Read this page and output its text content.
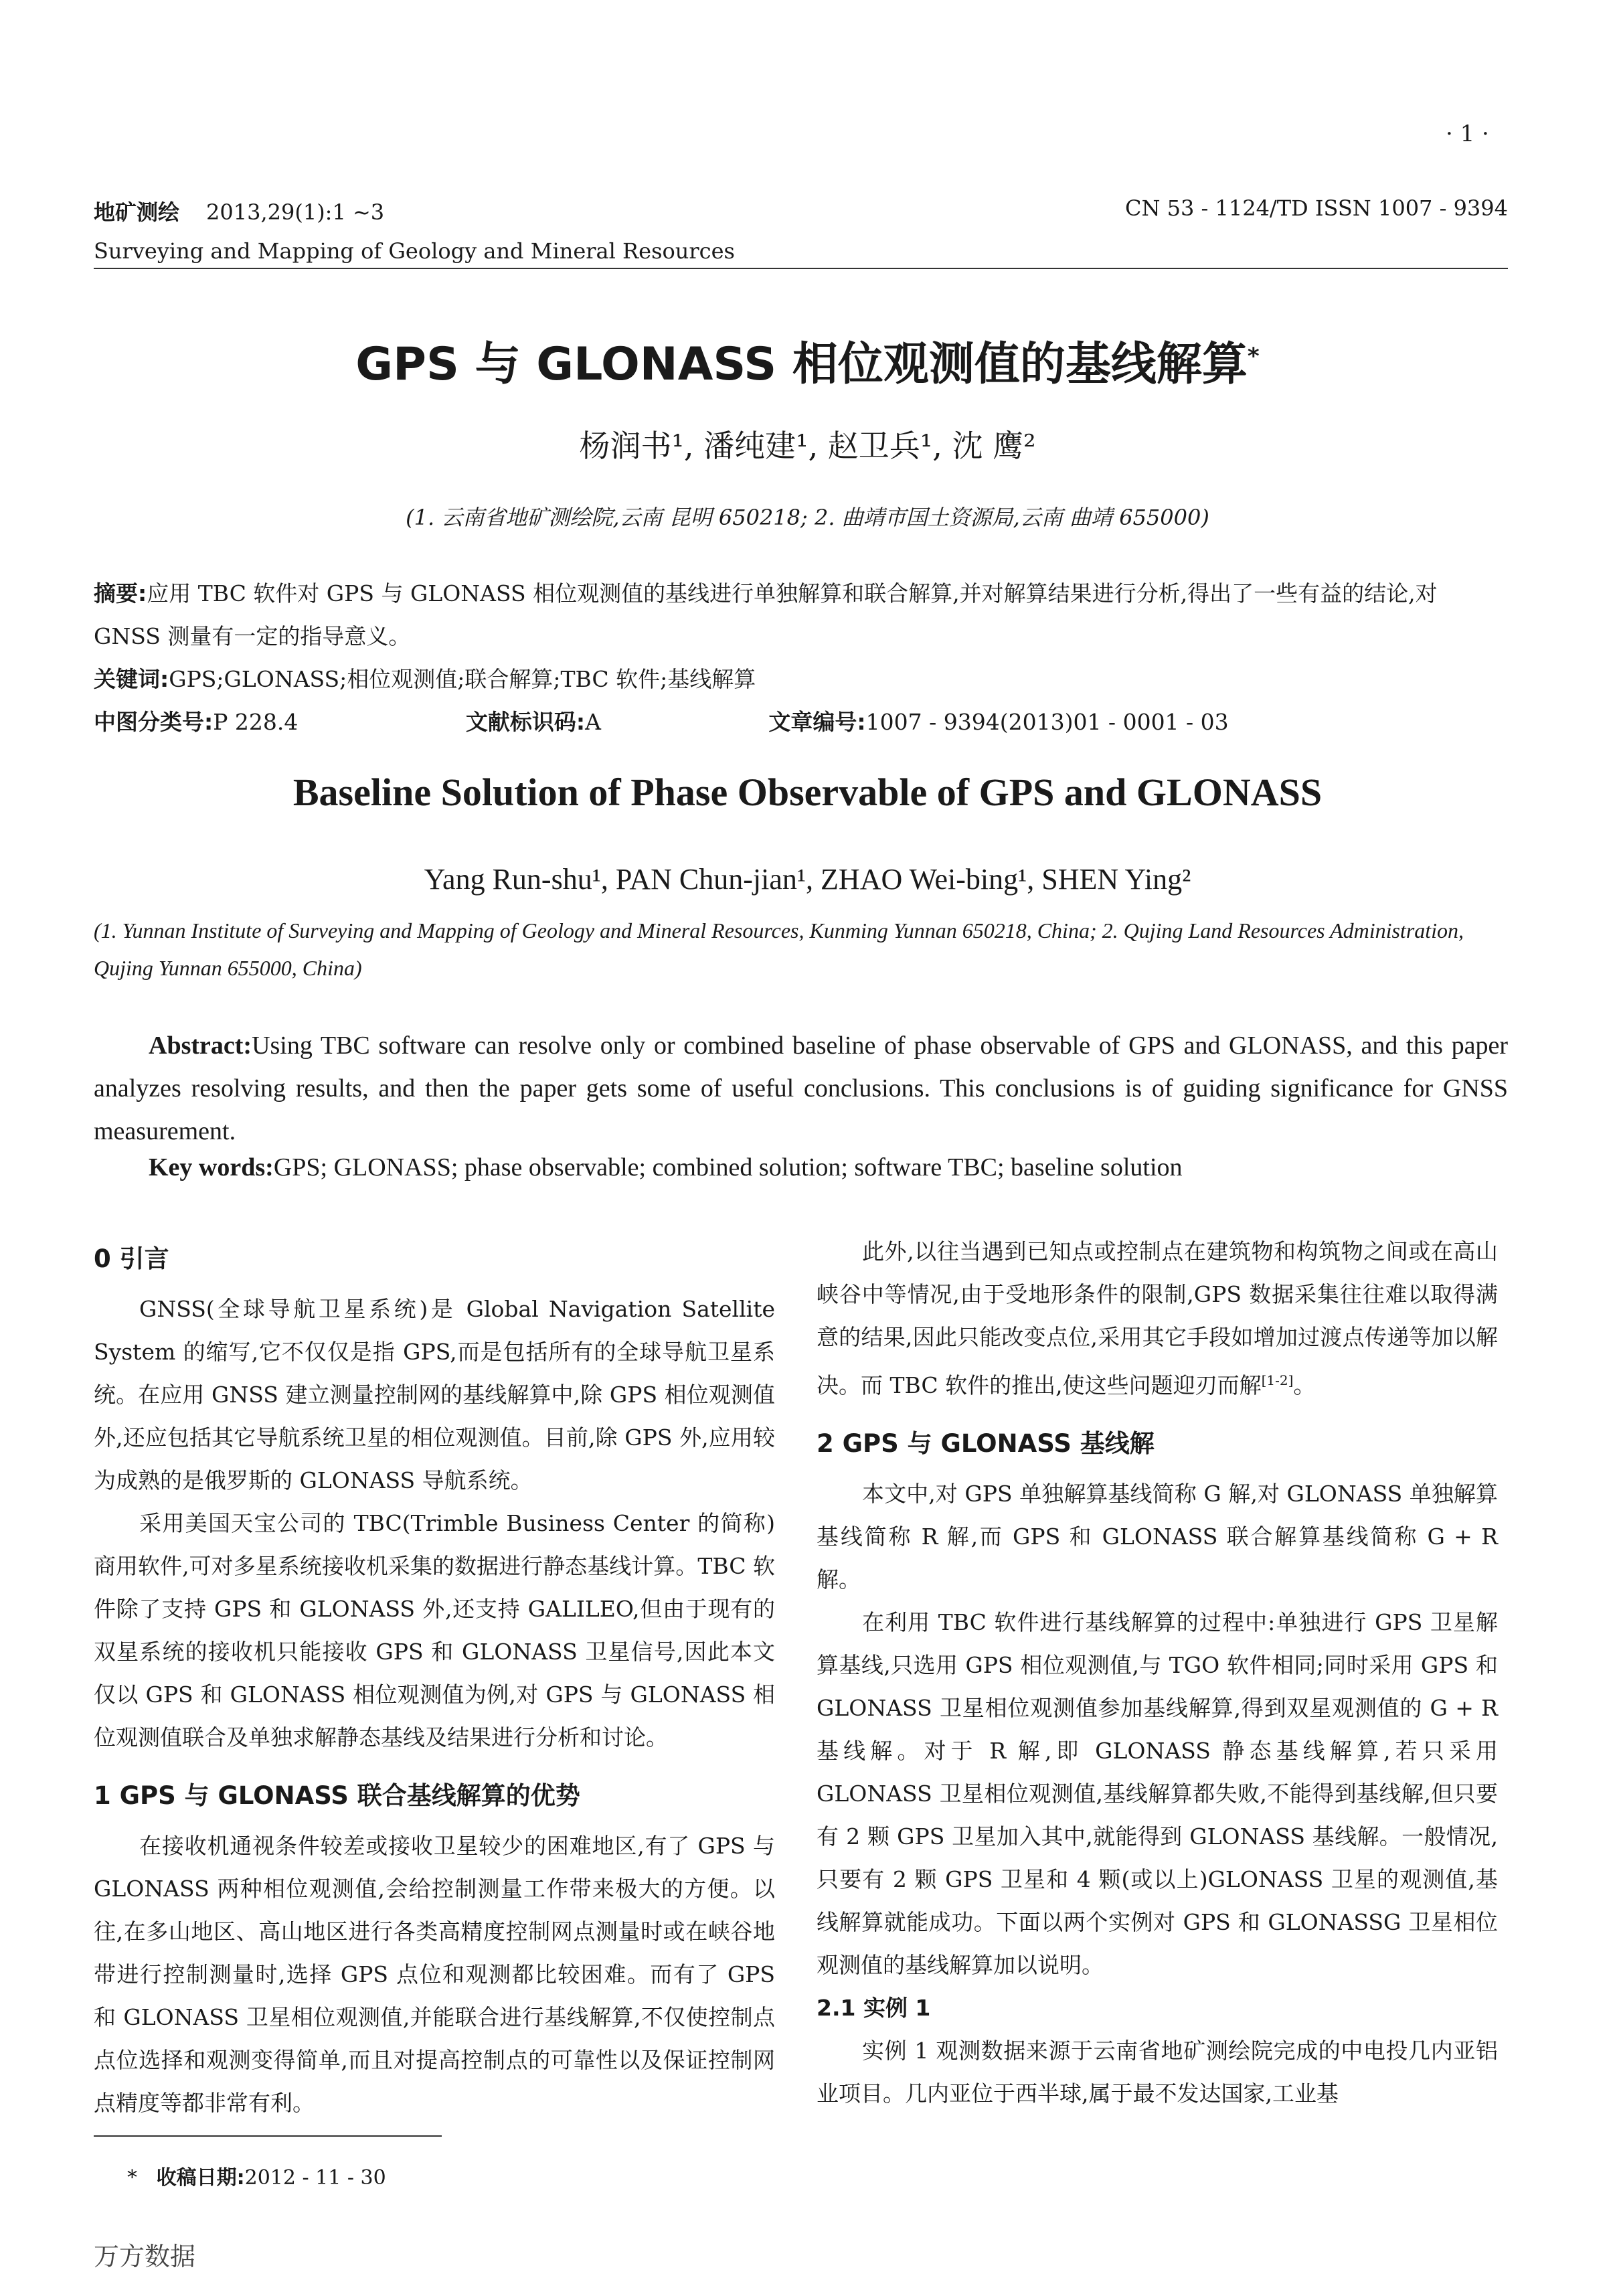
· 1 ·
地矿测绘 2013,29(1):1 ~3
Surveying and Mapping of Geology and Mineral Resources
CN 53 - 1124/TD ISSN 1007 - 9394
GPS 与 GLONASS 相位观测值的基线解算*
杨润书¹, 潘纯建¹, 赵卫兵¹, 沈 鹰²
(1. 云南省地矿测绘院,云南 昆明 650218; 2. 曲靖市国土资源局,云南 曲靖 655000)
摘要:应用 TBC 软件对 GPS 与 GLONASS 相位观测值的基线进行单独解算和联合解算,并对解算结果进行分析,得出了一些有益的结论,对 GNSS 测量有一定的指导意义。
关键词:GPS;GLONASS;相位观测值;联合解算;TBC 软件;基线解算
中图分类号:P 228.4	文献标识码:A	文章编号:1007 - 9394(2013)01 - 0001 - 03
Baseline Solution of Phase Observable of GPS and GLONASS
Yang Run-shu¹, PAN Chun-jian¹, ZHAO Wei-bing¹, SHEN Ying²
(1. Yunnan Institute of Surveying and Mapping of Geology and Mineral Resources, Kunming Yunnan 650218, China; 2. Qujing Land Resources Administration, Qujing Yunnan 655000, China)
Abstract:Using TBC software can resolve only or combined baseline of phase observable of GPS and GLONASS, and this paper analyzes resolving results, and then the paper gets some of useful conclusions. This conclusions is of guiding significance for GNSS measurement.
Key words:GPS; GLONASS; phase observable; combined solution; software TBC; baseline solution
0 引言

GNSS(全球导航卫星系统)是 Global Navigation Satellite System 的缩写,它不仅仅是指 GPS,而是包括所有的全球导航卫星系统。在应用 GNSS 建立测量控制网的基线解算中,除 GPS 相位观测值外,还应包括其它导航系统卫星的相位观测值。目前,除 GPS 外,应用较为成熟的是俄罗斯的 GLONASS 导航系统。

采用美国天宝公司的 TBC(Trimble Business Center 的简称)商用软件,可对多星系统接收机采集的数据进行静态基线计算。TBC 软件除了支持 GPS 和 GLONASS 外,还支持 GALILEO,但由于现有的双星系统的接收机只能接收 GPS 和 GLONASS 卫星信号,因此本文仅以 GPS 和 GLONASS 相位观测值为例,对 GPS 与 GLONASS 相位观测值联合及单独求解静态基线及结果进行分析和讨论。

1 GPS 与 GLONASS 联合基线解算的优势

在接收机通视条件较差或接收卫星较少的困难地区,有了 GPS 与 GLONASS 两种相位观测值,会给控制测量工作带来极大的方便。以往,在多山地区、高山地区进行各类高精度控制网点测量时或在峡谷地带进行控制测量时,选择 GPS 点位和观测都比较困难。而有了 GPS 和 GLONASS 卫星相位观测值,并能联合进行基线解算,不仅使控制点点位选择和观测变得简单,而且对提高控制点的可靠性以及保证控制网点精度等都非常有利。

此外,以往当遇到已知点或控制点在建筑物和构筑物之间或在高山峡谷中等情况,由于受地形条件的限制,GPS 数据采集往往难以取得满意的结果,因此只能改变点位,采用其它手段如增加过渡点传递等加以解决。而 TBC 软件的推出,使这些问题迎刃而解[1-2]。

2 GPS 与 GLONASS 基线解

本文中,对 GPS 单独解算基线简称 G 解,对 GLONASS 单独解算基线简称 R 解,而 GPS 和 GLONASS 联合解算基线简称 G + R 解。

在利用 TBC 软件进行基线解算的过程中:单独进行 GPS 卫星解算基线,只选用 GPS 相位观测值,与 TGO 软件相同;同时采用 GPS 和 GLONASS 卫星相位观测值参加基线解算,得到双星观测值的 G + R 基线解。对于 R 解,即 GLONASS 静态基线解算,若只采用 GLONASS 卫星相位观测值,基线解算都失败,不能得到基线解,但只要有 2 颗 GPS 卫星加入其中,就能得到 GLONASS 基线解。一般情况,只要有 2 颗 GPS 卫星和 4 颗(或以上)GLONASS 卫星的观测值,基线解算就能成功。下面以两个实例对 GPS 和 GLONASSG 卫星相位观测值的基线解算加以说明。

2.1 实例 1

实例 1 观测数据来源于云南省地矿测绘院完成的中电投几内亚铝业项目。几内亚位于西半球,属于最不发达国家,工业基

* 收稿日期:2012 - 11 - 30
万方数据
